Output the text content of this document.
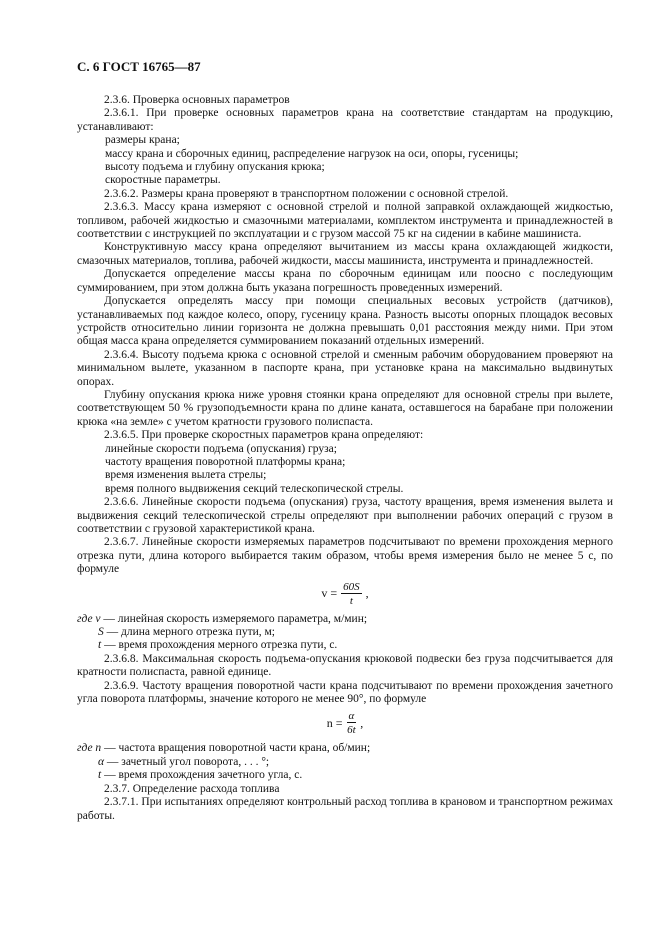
С. 6 ГОСТ 16765—87

2.3.6. Проверка основных параметров

2.3.6.1. При проверке основных параметров крана на соответствие стандартам на продукцию, устанавливают:

размеры крана;

массу крана и сборочных единиц, распределение нагрузок на оси, опоры, гусеницы;

высоту подъема и глубину опускания крюка;

скоростные параметры.

2.3.6.2. Размеры крана проверяют в транспортном положении с основной стрелой.

2.3.6.3. Массу крана измеряют с основной стрелой и полной заправкой охлаждающей жидкостью, топливом, рабочей жидкостью и смазочными материалами, комплектом инструмента и принадлежностей в соответствии с инструкцией по эксплуатации и с грузом массой 75 кг на сидении в кабине машиниста.

Конструктивную массу крана определяют вычитанием из массы крана охлаждающей жидкости, смазочных материалов, топлива, рабочей жидкости, массы машиниста, инструмента и принадлежностей.

Допускается определение массы крана по сборочным единицам или поосно с последующим суммированием, при этом должна быть указана погрешность проведенных измерений.

Допускается определять массу при помощи специальных весовых устройств (датчиков), устанавливаемых под каждое колесо, опору, гусеницу крана. Разность высоты опорных площадок весовых устройств относительно линии горизонта не должна превышать 0,01 расстояния между ними. При этом общая масса крана определяется суммированием показаний отдельных измерений.

2.3.6.4. Высоту подъема крюка с основной стрелой и сменным рабочим оборудованием проверяют на минимальном вылете, указанном в паспорте крана, при установке крана на максимально выдвинутых опорах.

Глубину опускания крюка ниже уровня стоянки крана определяют для основной стрелы при вылете, соответствующем 50 % грузоподъемности крана по длине каната, оставшегося на барабане при положении крюка «на земле» с учетом кратности грузового полиспаста.

2.3.6.5. При проверке скоростных параметров крана определяют:

линейные скорости подъема (опускания) груза;

частоту вращения поворотной платформы крана;

время изменения вылета стрелы;

время полного выдвижения секций телескопической стрелы.

2.3.6.6. Линейные скорости подъема (опускания) груза, частоту вращения, время изменения вылета и выдвижения секций телескопической стрелы определяют при выполнении рабочих операций с грузом в соответствии с грузовой характеристикой крана.

2.3.6.7. Линейные скорости измеряемых параметров подсчитывают по времени прохождения мерного отрезка пути, длина которого выбирается таким образом, чтобы время измерения было не менее 5 с, по формуле

$v = \frac{60S}{t}$ ,

где v — линейная скорость измеряемого параметра, м/мин;

S — длина мерного отрезка пути, м;

t — время прохождения мерного отрезка пути, с.

2.3.6.8. Максимальная скорость подъема-опускания крюковой подвески без груза подсчитывается для кратности полиспаста, равной единице.

2.3.6.9. Частоту вращения поворотной части крана подсчитывают по времени прохождения зачетного угла поворота платформы, значение которого не менее 90°, по формуле

$n = \frac{\alpha}{6t}$ ,

где n — частота вращения поворотной части крана, об/мин;

α — зачетный угол поворота, . . . °;

t — время прохождения зачетного угла, с.

2.3.7. Определение расхода топлива

2.3.7.1. При испытаниях определяют контрольный расход топлива в крановом и транспортном режимах работы.
